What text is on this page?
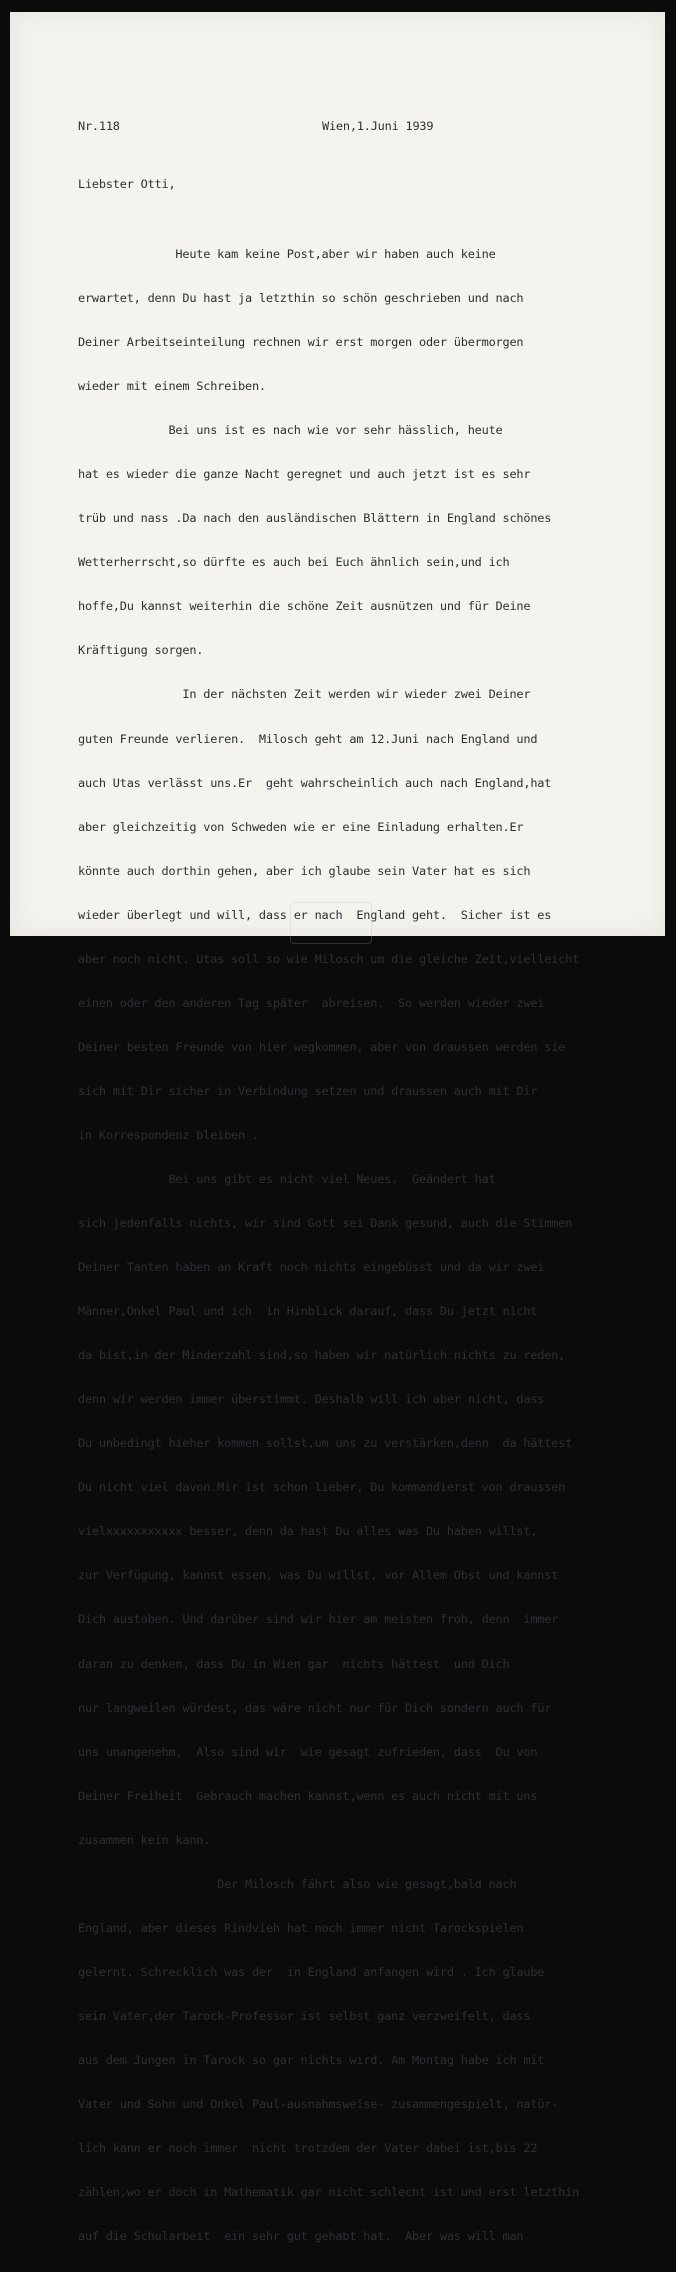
Nr.118	Wien,1.Juni 1939
Liebster Otti,

Heute kam keine Post,aber wir haben auch keine

erwartet, denn Du hast ja letzthin so schön geschrieben und nach

Deiner Arbeitseinteilung rechnen wir erst morgen oder übermorgen

wieder mit einem Schreiben.

Bei uns ist es nach wie vor sehr hässlich, heute

hat es wieder die ganze Nacht geregnet und auch jetzt ist es sehr

trüb und nass .Da nach den ausländischen Blättern in England schönes

Wetterherrscht,so dürfte es auch bei Euch ähnlich sein,und ich

hoffe,Du kannst weiterhin die schöne Zeit ausnützen und für Deine

Kräftigung sorgen.

In der nächsten Zeit werden wir wieder zwei Deiner

guten Freunde verlieren.  Milosch geht am 12.Juni nach England und

auch Utas verlässt uns.Er  geht wahrscheinlich auch nach England,hat

aber gleichzeitig von Schweden wie er eine Einladung erhalten.Er

könnte auch dorthin gehen, aber ich glaube sein Vater hat es sich

wieder überlegt und will, dass er nach  England geht.  Sicher ist es

aber noch nicht. Utas soll so wie Milosch um die gleiche Zeit,vielleicht

einen oder den anderen Tag später  abreisen.  So werden wieder zwei

Deiner besten Freunde von hier wegkommen, aber von draussen werden sie

sich mit Dir sicher in Verbindung setzen und draussen auch mit Dir

in Korrespondenz bleiben .

Bei uns gibt es nicht viel Neues.  Geändert hat

sich jedenfalls nichts, wir sind Gott sei Dank gesund, auch die Stimmen

Deiner Tanten haben an Kraft noch nichts eingebüsst und da wir zwei

Männer,Onkel Paul und ich  in Hinblick darauf, dass Du jetzt nicht

da bist,in der Minderzahl sind,so haben wir natürlich nichts zu reden,

denn wir werden immer überstimmt. Deshalb will ich aber nicht, dass

Du unbedingt hieher kommen sollst,um uns zu verstärken,denn  da hättest

Du nicht viel davon.Mir ist schon lieber, Du kommandierst von draussen

vielxxxxxxxxxxx besser, denn da hast Du alles was Du haben willst,

zur Verfügung, kannst essen, was Du willst, vor Allem Obst und kannst

Dich austoben. Und darüber sind wir hier am meisten froh, denn  immer

daran zu denken, dass Du in Wien gar  nichts hättest  und Dich

nur langweilen würdest, das wäre nicht nur für Dich sondern auch für

uns unangenehm,  Also sind wir  wie gesagt zufrieden, dass  Du von

Deiner Freiheit  Gebrauch machen kannst,wenn es auch nicht mit uns

zusammen kein kann.

Der Milosch fährt also wie gesagt,bald nach

England, aber dieses Rindvieh hat noch immer nicht Tarockspielen

gelernt. Schrecklich was der  in England anfangen wird . Ich glaube

sein Vater,der Tarock-Professor ist selbst ganz verzweifelt, dass

aus dem Jungen in Tarock so gar nichts wird. Am Montag habe ich mit

Vater und Sohn und Onkel Paul-ausnahmsweise- zusammengespielt, natür-

lich kann er noch immer  nicht trotzdem der Vater dabei ist,bis 22

zählen,wo er doch in Mathematik gar nicht schlecht ist und erst letzthin

auf die Schularbeit  ein sehr gut gehabt hat.  Aber was will man
